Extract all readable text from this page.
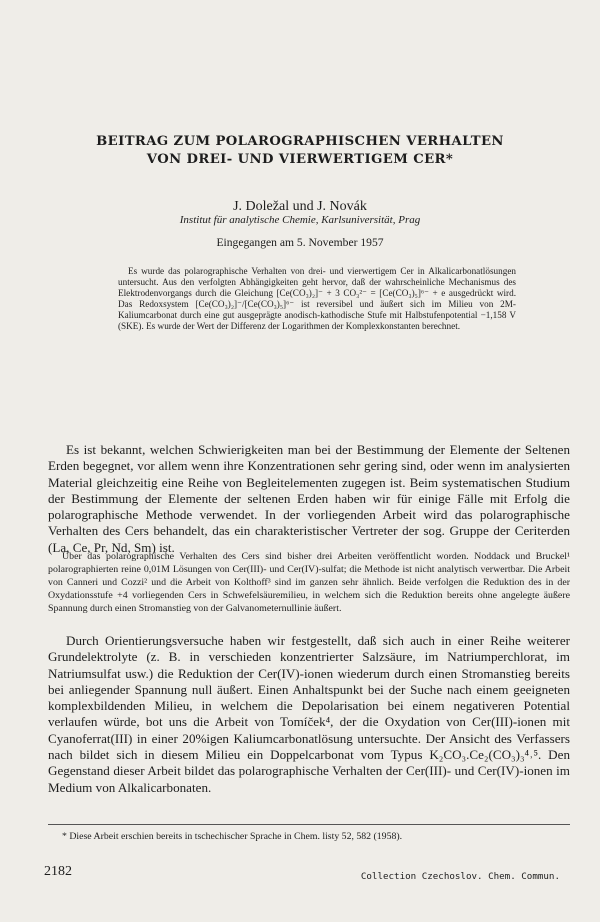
BEITRAG ZUM POLAROGRAPHISCHEN VERHALTEN
VON DREI- UND VIERWERTIGEM CER*
J. Doležal und J. Novák
Institut für analytische Chemie, Karlsuniversität, Prag
Eingegangen am 5. November 1957

Es wurde das polarographische Verhalten von drei- und vierwertigem Cer in Alkalicarbonatlösungen untersucht. Aus den verfolgten Abhängigkeiten geht hervor, daß der wahrscheinliche Mechanismus des Elektrodenvorgangs durch die Gleichung [Ce(CO₃)₂]⁻ + 3 CO₃²⁻ = [Ce(CO₃)₅]⁶⁻ + e ausgedrückt wird. Das Redoxsystem [Ce(CO₃)₂]⁻/[Ce(CO₃)₅]⁶⁻ ist reversibel und äußert sich im Milieu von 2M-Kaliumcarbonat durch eine gut ausgeprägte anodisch-kathodische Stufe mit Halbstufenpotential −1,158 V (SKE). Es wurde der Wert der Differenz der Logarithmen der Komplexkonstanten berechnet.

Es ist bekannt, welchen Schwierigkeiten man bei der Bestimmung der Elemente der Seltenen Erden begegnet, vor allem wenn ihre Konzentrationen sehr gering sind, oder wenn im analysierten Material gleichzeitig eine Reihe von Begleitelementen zugegen ist. Beim systematischen Studium der Bestimmung der Elemente der seltenen Erden haben wir für einige Fälle mit Erfolg die polarographische Methode verwendet. In der vorliegenden Arbeit wird das polarographische Verhalten des Cers behandelt, das ein charakteristischer Vertreter der sog. Gruppe der Ceriterden (La, Ce, Pr, Nd, Sm) ist.

Über das polarographische Verhalten des Cers sind bisher drei Arbeiten veröffentlicht worden. Noddack und Bruckel¹ polarographierten reine 0,01M Lösungen von Cer(III)- und Cer(IV)-sulfat; die Methode ist nicht analytisch verwertbar. Die Arbeit von Canneri und Cozzi² und die Arbeit von Kolthoff³ sind im ganzen sehr ähnlich. Beide verfolgen die Reduktion des in der Oxydationsstufe +4 vorliegenden Cers in Schwefelsäuremilieu, in welchem sich die Reduktion bereits ohne angelegte äußere Spannung durch einen Stromanstieg von der Galvanometernullinie äußert.

Durch Orientierungsversuche haben wir festgestellt, daß sich auch in einer Reihe weiterer Grundelektrolyte (z. B. in verschieden konzentrierter Salzsäure, im Natriumperchlorat, im Natriumsulfat usw.) die Reduktion der Cer(IV)-ionen wiederum durch einen Stromanstieg bereits bei anliegender Spannung null äußert. Einen Anhaltspunkt bei der Suche nach einem geeigneten komplexbildenden Milieu, in welchem die Depolarisation bei einem negativeren Potential verlaufen würde, bot uns die Arbeit von Tomíček⁴, der die Oxydation von Cer(III)-ionen mit Cyanoferrat(III) in einer 20%igen Kaliumcarbonatlösung untersuchte. Der Ansicht des Verfassers nach bildet sich in diesem Milieu ein Doppelcarbonat vom Typus K₂CO₃.Ce₂(CO₃)₃⁴˒⁵. Den Gegenstand dieser Arbeit bildet das polarographische Verhalten der Cer(III)- und Cer(IV)-ionen im Medium von Alkalicarbonaten.

* Diese Arbeit erschien bereits in tschechischer Sprache in Chem. listy 52, 582 (1958).
2182	Collection Czechoslov. Chem. Commun.
